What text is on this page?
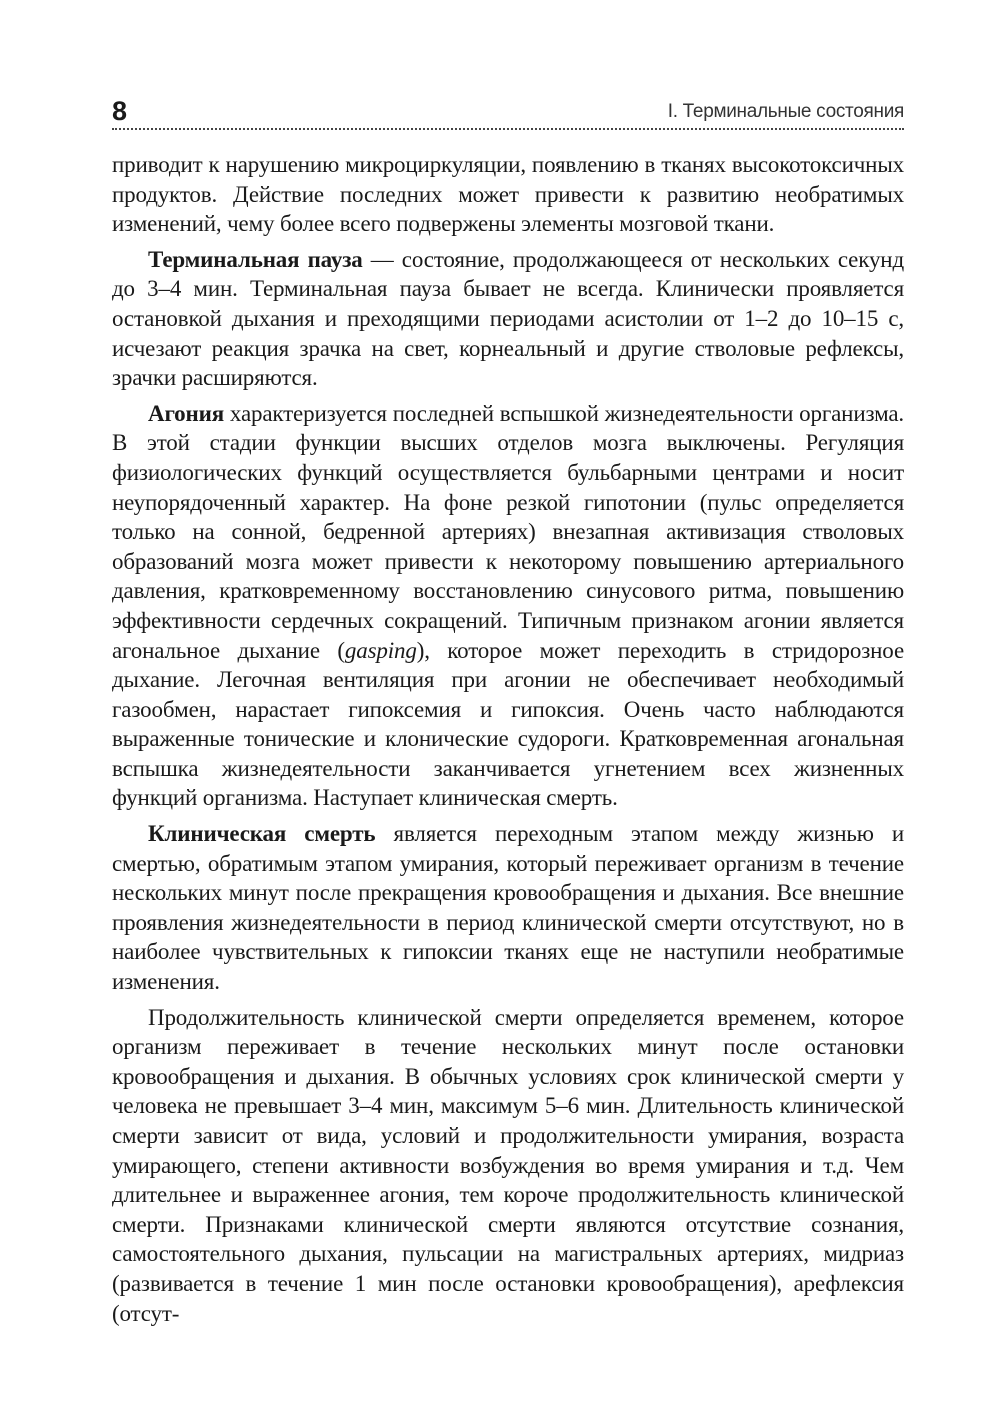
8	I. Терминальные состояния

приводит к нарушению микроциркуляции, появлению в тканях высокотоксичных продуктов. Действие последних может привести к развитию необратимых изменений, чему более всего подвержены элементы мозговой ткани.

Терминальная пауза — состояние, продолжающееся от нескольких секунд до 3–4 мин. Терминальная пауза бывает не всегда. Клинически проявляется остановкой дыхания и преходящими периодами асистолии от 1–2 до 10–15 с, исчезают реакция зрачка на свет, корнеальный и другие стволовые рефлексы, зрачки расширяются.

Агония характеризуется последней вспышкой жизнедеятельности организма. В этой стадии функции высших отделов мозга выключены. Регуляция физиологических функций осуществляется бульбарными центрами и носит неупорядоченный характер. На фоне резкой гипотонии (пульс определяется только на сонной, бедренной артериях) внезапная активизация стволовых образований мозга может привести к некоторому повышению артериального давления, кратковременному восстановлению синусового ритма, повышению эффективности сердечных сокращений. Типичным признаком агонии является агональное дыхание (gasping), которое может переходить в стридорозное дыхание. Легочная вентиляция при агонии не обеспечивает необходимый газообмен, нарастает гипоксемия и гипоксия. Очень часто наблюдаются выраженные тонические и клонические судороги. Кратковременная агональная вспышка жизнедеятельности заканчивается угнетением всех жизненных функций организма. Наступает клиническая смерть.

Клиническая смерть является переходным этапом между жизнью и смертью, обратимым этапом умирания, который переживает организм в течение нескольких минут после прекращения кровообращения и дыхания. Все внешние проявления жизнедеятельности в период клинической смерти отсутствуют, но в наиболее чувствительных к гипоксии тканях еще не наступили необратимые изменения.

Продолжительность клинической смерти определяется временем, которое организм переживает в течение нескольких минут после остановки кровообращения и дыхания. В обычных условиях срок клинической смерти у человека не превышает 3–4 мин, максимум 5–6 мин. Длительность клинической смерти зависит от вида, условий и продолжительности умирания, возраста умирающего, степени активности возбуждения во время умирания и т.д. Чем длительнее и выраженнее агония, тем короче продолжительность клинической смерти. Признаками клинической смерти являются отсутствие сознания, самостоятельного дыхания, пульсации на магистральных артериях, мидриаз (развивается в течение 1 мин после остановки кровообращения), арефлексия (отсут-
